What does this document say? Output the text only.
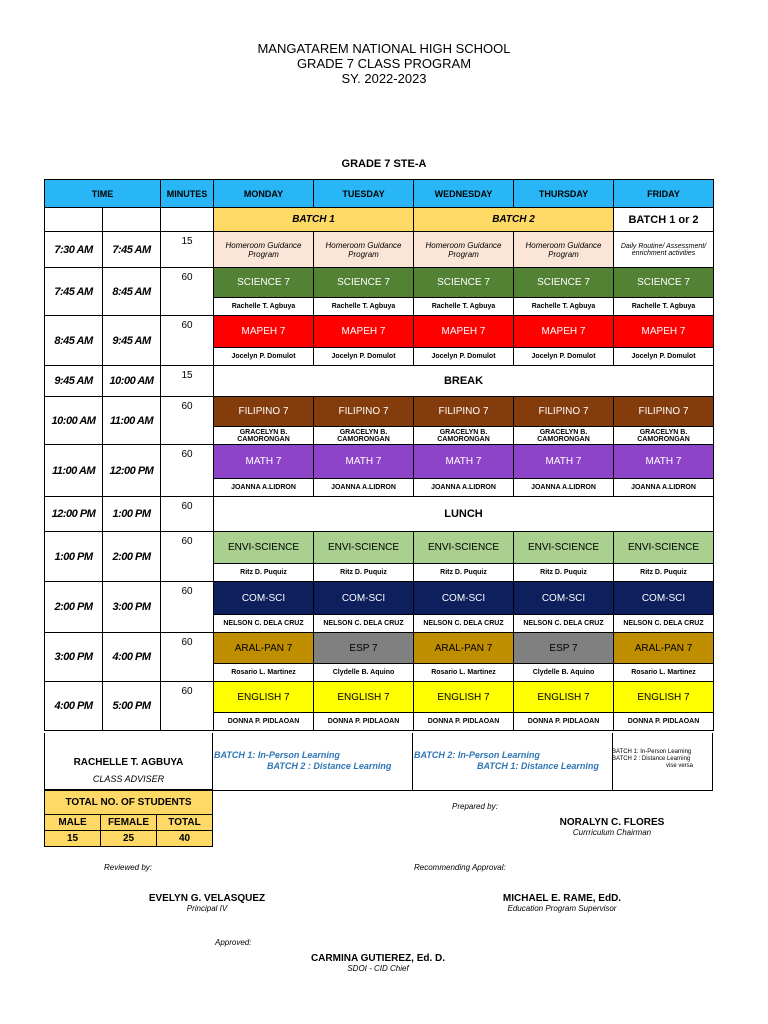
MANGATAREM NATIONAL HIGH SCHOOL
GRADE 7 CLASS PROGRAM
SY. 2022-2023
GRADE 7 STE-A
TIME		MINUTES	MONDAY	TUESDAY	WEDNESDAY	THURSDAY	FRIDAY
			BATCH 1		BATCH 2		BATCH 1 or 2
7:30 AM	7:45 AM	15	Homeroom Guidance Program	Homeroom Guidance Program	Homeroom Guidance Program	Homeroom Guidance Program	Daily Routine/ Assessment/ enrichment activities
7:45 AM	8:45 AM	60	SCIENCE 7	SCIENCE 7	SCIENCE 7	SCIENCE 7	SCIENCE 7
			Rachelle T. Agbuya	Rachelle T. Agbuya	Rachelle T. Agbuya	Rachelle T. Agbuya	Rachelle T. Agbuya
8:45 AM	9:45 AM	60	MAPEH 7	MAPEH 7	MAPEH 7	MAPEH 7	MAPEH 7
			Jocelyn P. Domulot	Jocelyn P. Domulot	Jocelyn P. Domulot	Jocelyn P. Domulot	Jocelyn P. Domulot
9:45 AM	10:00 AM	15	BREAK				
10:00 AM	11:00 AM	60	FILIPINO 7	FILIPINO 7	FILIPINO 7	FILIPINO 7	FILIPINO 7
			GRACELYN B. CAMORONGAN	GRACELYN B. CAMORONGAN	GRACELYN B. CAMORONGAN	GRACELYN B. CAMORONGAN	GRACELYN B. CAMORONGAN
11:00 AM	12:00 PM	60	MATH 7	MATH 7	MATH 7	MATH 7	MATH 7
			JOANNA A.LIDRON	JOANNA A.LIDRON	JOANNA A.LIDRON	JOANNA A.LIDRON	JOANNA A.LIDRON
12:00 PM	1:00 PM	60	LUNCH				
1:00 PM	2:00 PM	60	ENVI-SCIENCE	ENVI-SCIENCE	ENVI-SCIENCE	ENVI-SCIENCE	ENVI-SCIENCE
			Ritz D. Puquiz	Ritz D. Puquiz	Ritz D. Puquiz	Ritz D. Puquiz	Ritz D. Puquiz
2:00 PM	3:00 PM	60	COM-SCI	COM-SCI	COM-SCI	COM-SCI	COM-SCI
			NELSON C. DELA CRUZ	NELSON C. DELA CRUZ	NELSON C. DELA CRUZ	NELSON C. DELA CRUZ	NELSON C. DELA CRUZ
3:00 PM	4:00 PM	60	ARAL-PAN 7	ESP 7	ARAL-PAN 7	ESP 7	ARAL-PAN 7
			Rosario L. Martinez	Clydelle B. Aquino	Rosario L. Martinez	Clydelle B. Aquino	Rosario L. Martinez
4:00 PM	5:00 PM	60	ENGLISH 7	ENGLISH 7	ENGLISH 7	ENGLISH 7	ENGLISH 7
			DONNA P. PIDLAOAN	DONNA P. PIDLAOAN	DONNA P. PIDLAOAN	DONNA P. PIDLAOAN	DONNA P. PIDLAOAN
RACHELLE T. AGBUYA
CLASS ADVISER
BATCH 1: In-Person Learning
BATCH 2 : Distance Learning
BATCH 2: In-Person Learning
BATCH 1: Distance Learning
BATCH 1: In-Person Learning
BATCH 2 : Distance Learning
vise versa
TOTAL NO. OF STUDENTS		
MALE	FEMALE	TOTAL
15	25	40
Prepared by:
NORALYN C. FLORES
Currriculum Chairman
Reviewed by:	Recommending Approval:
EVELYN G. VELASQUEZ
Principal IV
MICHAEL E. RAME, EdD.
Education Program Supervisor
Approved:
CARMINA GUTIEREZ, Ed. D.
SDOI - CID Chief
